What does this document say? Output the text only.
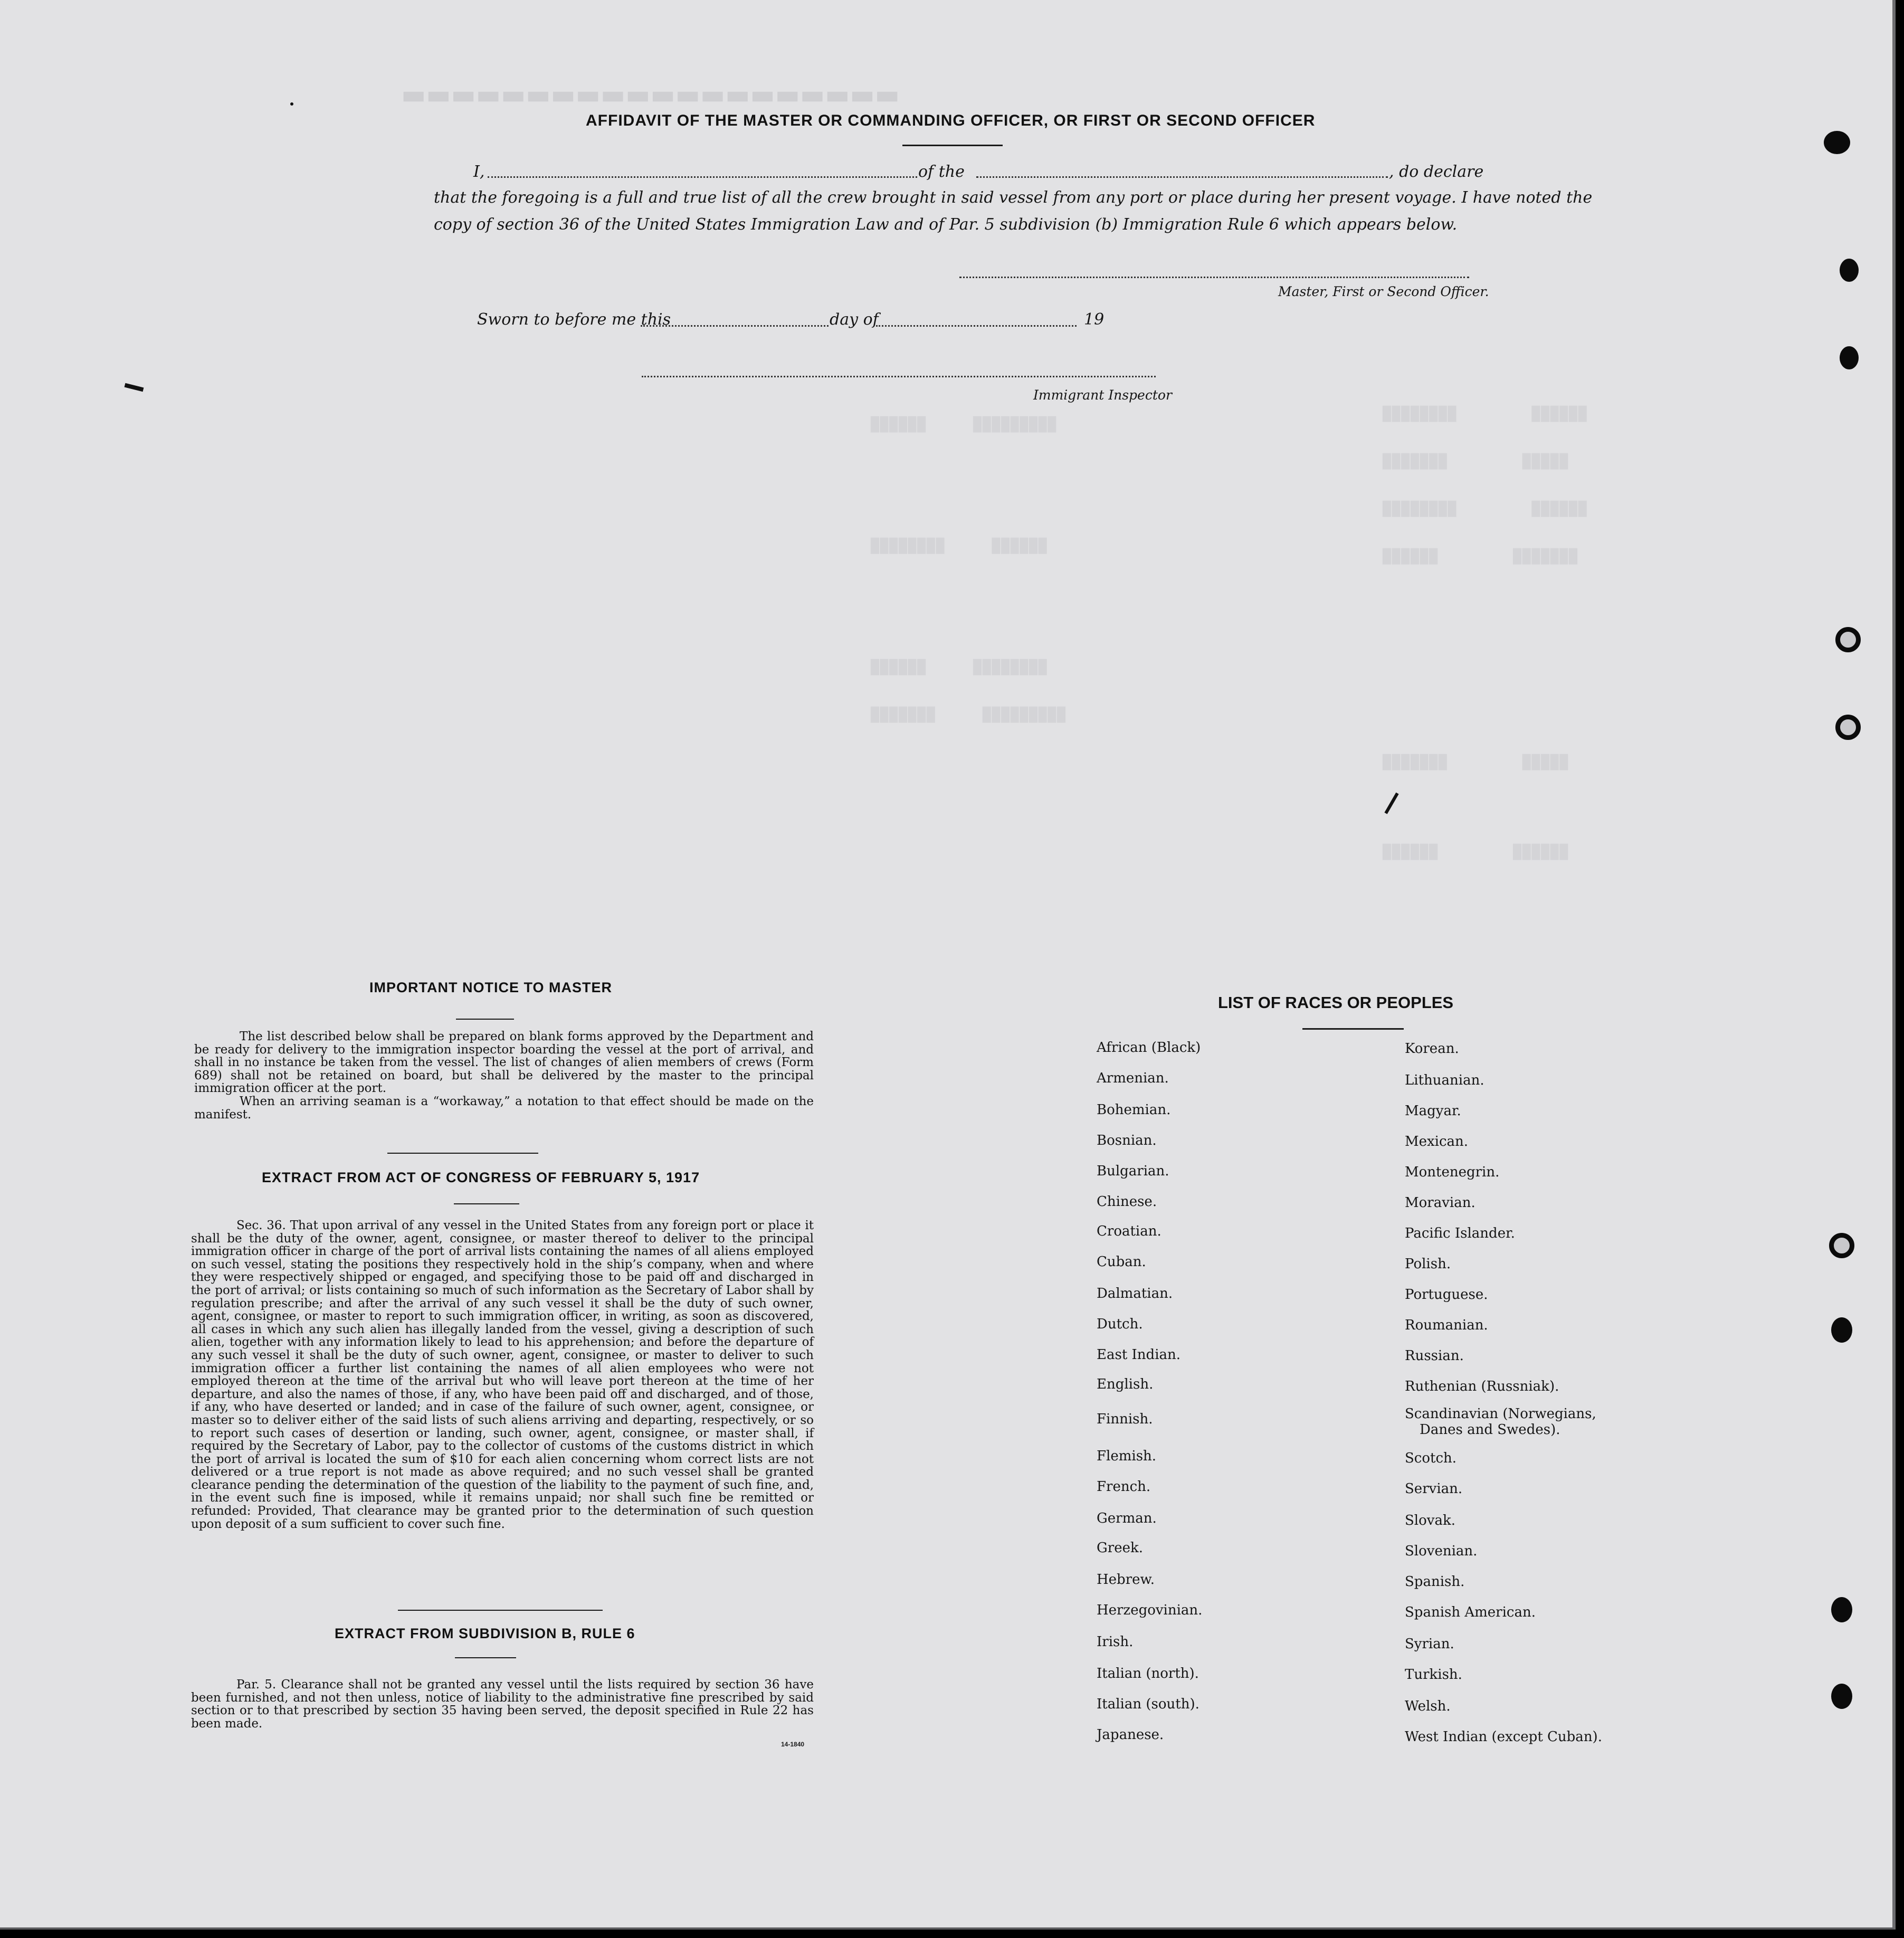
▬▬▬▬▬▬▬▬▬▬▬▬▬▬▬▬▬▬▬▬
████████        ██████
███████        █████
████████        ██████
██████        ███████
██████     █████████
████████     ██████
██████     ████████
███████     █████████
███████        █████
██████        ██████
AFFIDAVIT OF THE MASTER OR COMMANDING OFFICER, OR FIRST OR SECOND OFFICER
I,	of the	, do declare
that the foregoing is a full and true list of all the crew brought in said vessel from any port or place during her present voyage. I have noted the
copy of section 36 of the United States Immigration Law and of Par. 5 subdivision (b) Immigration Rule 6 which appears below.
Master, First or Second Officer.
Sworn to before me this	day of	19
Immigrant Inspector
IMPORTANT NOTICE TO MASTER

The list described below shall be prepared on blank forms approved by the Department and be ready for delivery to the immigration inspector boarding the vessel at the port of arrival, and shall in no instance be taken from the vessel. The list of changes of alien members of crews (Form 689) shall not be retained on board, but shall be delivered by the master to the principal immigration officer at the port.

When an arriving seaman is a “workaway,” a notation to that effect should be made on the manifest.

EXTRACT FROM ACT OF CONGRESS OF FEBRUARY 5, 1917

Sec. 36. That upon arrival of any vessel in the United States from any foreign port or place it shall be the duty of the owner, agent, consignee, or master thereof to deliver to the principal immigration officer in charge of the port of arrival lists containing the names of all aliens employed on such vessel, stating the positions they respectively hold in the ship’s company, when and where they were respectively shipped or engaged, and specifying those to be paid off and discharged in the port of arrival; or lists containing so much of such information as the Secretary of Labor shall by regulation prescribe; and after the arrival of any such vessel it shall be the duty of such owner, agent, consignee, or master to report to such immigration officer, in writing, as soon as discovered, all cases in which any such alien has illegally landed from the vessel, giving a description of such alien, together with any information likely to lead to his apprehension; and before the departure of any such vessel it shall be the duty of such owner, agent, consignee, or master to deliver to such immigration officer a further list containing the names of all alien employees who were not employed thereon at the time of the arrival but who will leave port thereon at the time of her departure, and also the names of those, if any, who have been paid off and discharged, and of those, if any, who have deserted or landed; and in case of the failure of such owner, agent, consignee, or master so to deliver either of the said lists of such aliens arriving and departing, respectively, or so to report such cases of desertion or landing, such owner, agent, consignee, or master shall, if required by the Secretary of Labor, pay to the collector of customs of the customs district in which the port of arrival is located the sum of $10 for each alien concerning whom correct lists are not delivered or a true report is not made as above required; and no such vessel shall be granted clearance pending the determination of the question of the liability to the payment of such fine, and, in the event such fine is imposed, while it remains unpaid; nor shall such fine be remitted or refunded: Provided, That clearance may be granted prior to the determination of such question upon deposit of a sum sufficient to cover such fine.

EXTRACT FROM SUBDIVISION B, RULE 6

Par. 5. Clearance shall not be granted any vessel until the lists required by section 36 have been furnished, and not then unless, notice of liability to the administrative fine prescribed by said section or to that prescribed by section 35 having been served, the deposit specified in Rule 22 has been made.

14-1840
LIST OF RACES OR PEOPLES
African (Black)
Armenian.
Bohemian.
Bosnian.
Bulgarian.
Chinese.
Croatian.
Cuban.
Dalmatian.
Dutch.
East Indian.
English.
Finnish.
Flemish.
French.
German.
Greek.
Hebrew.
Herzegovinian.
Irish.
Italian (north).
Italian (south).
Japanese.
Korean.
Lithuanian.
Magyar.
Mexican.
Montenegrin.
Moravian.
Pacific Islander.
Polish.
Portuguese.
Roumanian.
Russian.
Ruthenian (Russniak).
Scandinavian (Norwegians,
Danes and Swedes).
Scotch.
Servian.
Slovak.
Slovenian.
Spanish.
Spanish American.
Syrian.
Turkish.
Welsh.
West Indian (except Cuban).
